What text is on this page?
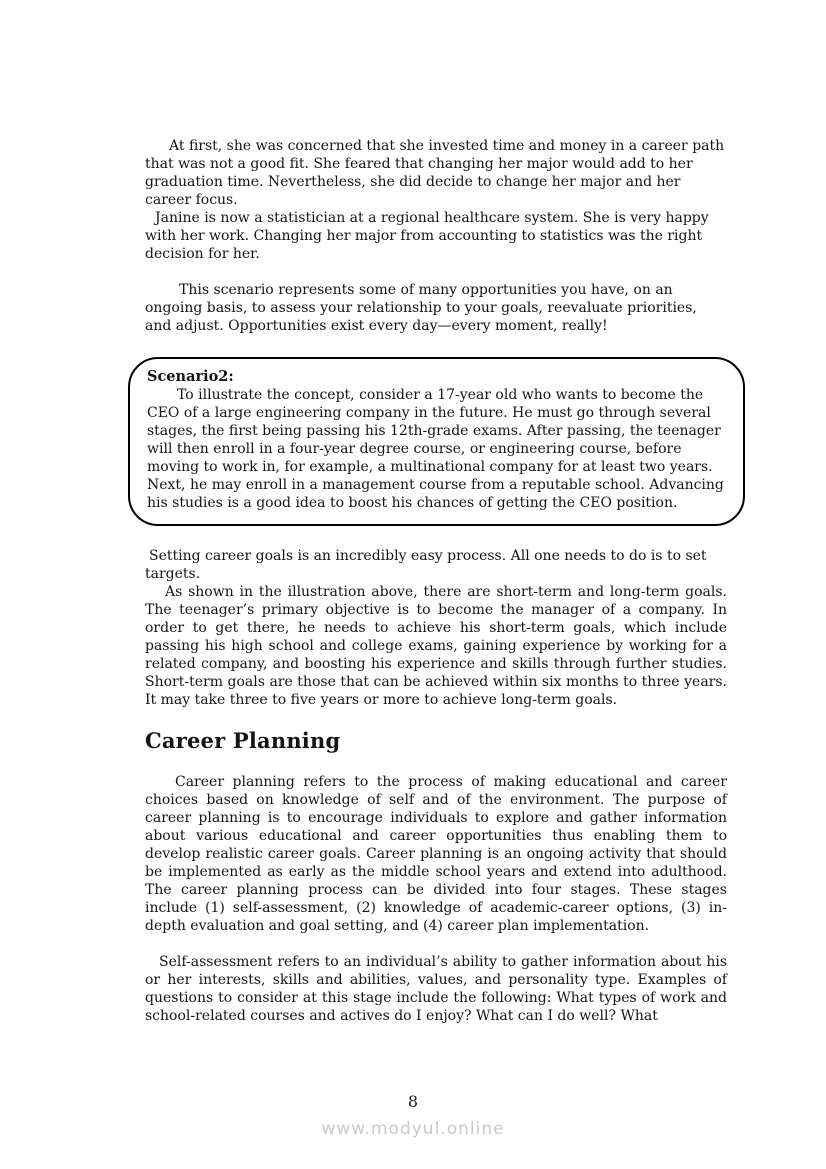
At first, she was concerned that she invested time and money in a career path that was not a good fit. She feared that changing her major would add to her graduation time. Nevertheless, she did decide to change her major and her career focus.

Janine is now a statistician at a regional healthcare system. She is very happy with her work. Changing her major from accounting to statistics was the right decision for her.

This scenario represents some of many opportunities you have, on an ongoing basis, to assess your relationship to your goals, reevaluate priorities, and adjust. Opportunities exist every day—every moment, really!

Scenario2:

To illustrate the concept, consider a 17-year old who wants to become the CEO of a large engineering company in the future. He must go through several stages, the first being passing his 12th-grade exams. After passing, the teenager will then enroll in a four-year degree course, or engineering course, before moving to work in, for example, a multinational company for at least two years. Next, he may enroll in a management course from a reputable school. Advancing his studies is a good idea to boost his chances of getting the CEO position.

Setting career goals is an incredibly easy process. All one needs to do is to set targets.

As shown in the illustration above, there are short-term and long-term goals. The teenager’s primary objective is to become the manager of a company. In order to get there, he needs to achieve his short-term goals, which include passing his high school and college exams, gaining experience by working for a related company, and boosting his experience and skills through further studies. Short-term goals are those that can be achieved within six months to three years. It may take three to five years or more to achieve long-term goals.

Career Planning

Career planning refers to the process of making educational and career choices based on knowledge of self and of the environment. The purpose of career planning is to encourage individuals to explore and gather information about various educational and career opportunities thus enabling them to develop realistic career goals. Career planning is an ongoing activity that should be implemented as early as the middle school years and extend into adulthood. The career planning process can be divided into four stages. These stages include (1) self-assessment, (2) knowledge of academic-career options, (3) in-depth evaluation and goal setting, and (4) career plan implementation.

Self-assessment refers to an individual’s ability to gather information about his or her interests, skills and abilities, values, and personality type. Examples of questions to consider at this stage include the following: What types of work and school-related courses and actives do I enjoy? What can I do well? What

8
www.modyul.online
